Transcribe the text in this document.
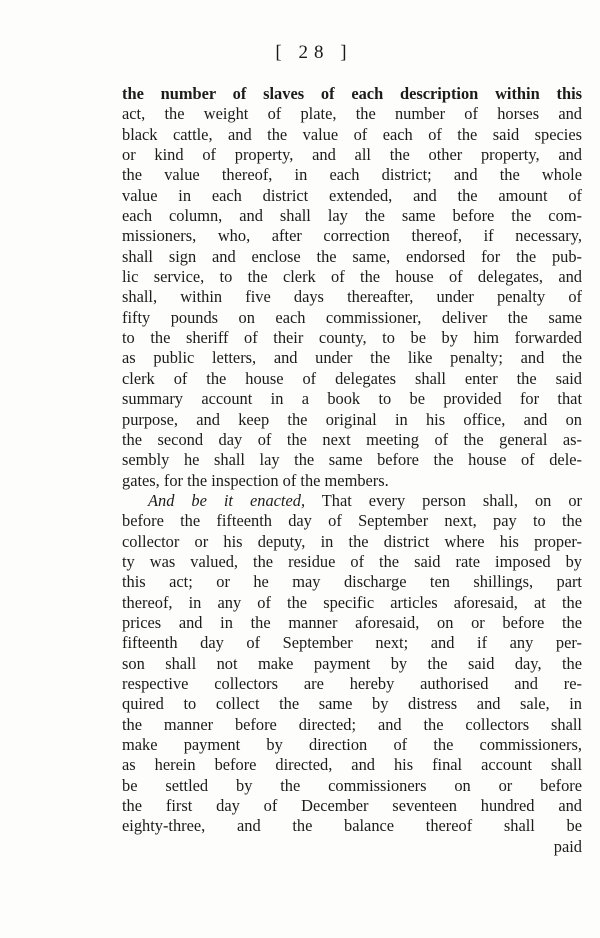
[ 28 ]
the number of slaves of each description within this
act, the weight of plate, the number of horses and
black cattle, and the value of each of the said species
or kind of property, and all the other property, and
the value thereof, in each district; and the whole
value in each district extended, and the amount of
each column, and shall lay the same before the com-
missioners, who, after correction thereof, if necessary,
shall sign and enclose the same, endorsed for the pub-
lic service, to the clerk of the house of delegates, and
shall, within five days thereafter, under penalty of
fifty pounds on each commissioner, deliver the same
to the sheriff of their county, to be by him forwarded
as public letters, and under the like penalty; and the
clerk of the house of delegates shall enter the said
summary account in a book to be provided for that
purpose, and keep the original in his office, and on
the second day of the next meeting of the general as-
sembly he shall lay the same before the house of dele-
gates, for the inspection of the members.
And be it enacted, That every person shall, on or
before the fifteenth day of September next, pay to the
collector or his deputy, in the district where his proper-
ty was valued, the residue of the said rate imposed by
this act; or he may discharge ten shillings, part
thereof, in any of the specific articles aforesaid, at the
prices and in the manner aforesaid, on or before the
fifteenth day of September next; and if any per-
son shall not make payment by the said day, the
respective collectors are hereby authorised and re-
quired to collect the same by distress and sale, in
the manner before directed; and the collectors shall
make payment by direction of the commissioners,
as herein before directed, and his final account shall
be settled by the commissioners on or before
the first day of December seventeen hundred and
eighty-three, and the balance thereof shall be
paid
